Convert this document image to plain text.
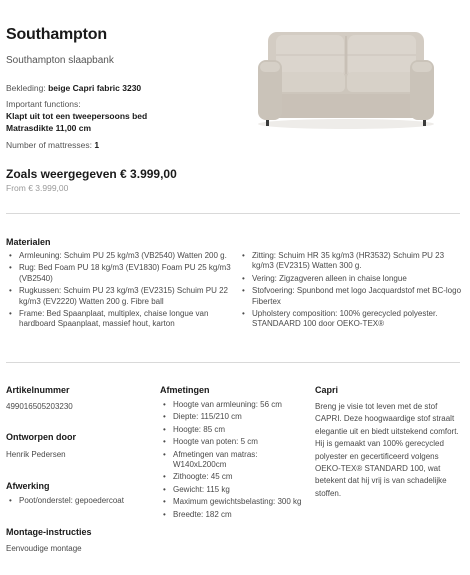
Southampton
Southampton slaapbank
Bekleding: beige Capri fabric 3230
Important functions:
Klapt uit tot een tweepersoons bed
Matrasdikte 11,00 cm
Number of mattresses: 1
Zoals weergegeven € 3.999,00
From € 3.999,00
Materialen
• Armleuning: Schuim PU 25 kg/m3 (VB2540) Watten 200 g.
• Rug: Bed Foam PU 18 kg/m3 (EV1830) Foam PU 25 kg/m3 (VB2540)
• Rugkussen: Schuim PU 23 kg/m3 (EV2315) Schuim PU 22 kg/m3 (EV2220) Watten 200 g. Fibre ball
• Frame: Bed Spaanplaat, multiplex, chaise longue van hardboard Spaanplaat, massief hout, karton
• Zitting: Schuim HR 35 kg/m3 (HR3532) Schuim PU 23 kg/m3 (EV2315) Watten 300 g.
• Vering: Zigzagveren alleen in chaise longue
• Stofvoering: Spunbond met logo Jacquardstof met BC-logo Fibertex
• Upholstery composition: 100% gerecycled polyester. STANDAARD 100 door OEKO-TEX®
Artikelnummer
499016505203230
Ontworpen door
Henrik Pedersen
Afwerking
• Poot/onderstel: gepoedercoat
Montage-instructies
Eenvoudige montage
Afmetingen
• Hoogte van armleuning: 56 cm
• Diepte: 115/210 cm
• Hoogte: 85 cm
• Hoogte van poten: 5 cm
• Afmetingen van matras: W140xL200cm
• Zithoogte: 45 cm
• Gewicht: 115 kg
• Maximum gewichtsbelasting: 300 kg
• Breedte: 182 cm
Capri
Breng je visie tot leven met de stof CAPRI. Deze hoogwaardige stof straalt elegantie uit en biedt uitstekend comfort. Hij is gemaakt van 100% gerecycled polyester en gecertificeerd volgens OEKO-TEX® STANDARD 100, wat betekent dat hij vrij is van schadelijke stoffen.
